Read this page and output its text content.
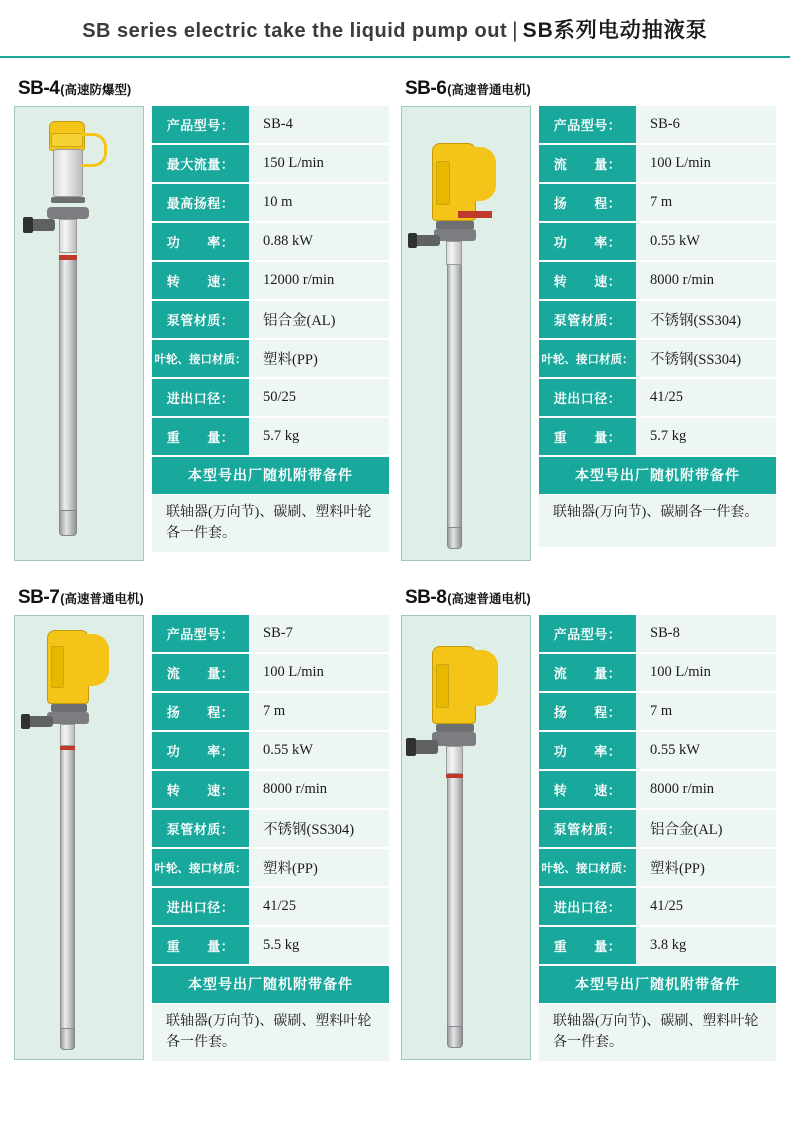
SB series electric take the liquid pump out | SB系列电动抽液泵
SB-4 (高速防爆型)
产品型号：	SB-4
最大流量：	150 L/min
最高扬程：	10 m
功　　率：	0.88 kW
转　　速：	12000 r/min
泵管材质：	铝合金(AL)
叶轮、接口材质：	塑料(PP)
进出口径：	50/25
重　　量：	5.7 kg
本型号出厂随机附带备件
联轴器(万向节)、碳刷、塑料叶轮各一件套。
SB-6 (高速普通电机)
产品型号：	SB-6
流　　量：	100 L/min
扬　　程：	7 m
功　　率：	0.55 kW
转　　速：	8000 r/min
泵管材质：	不锈钢(SS304)
叶轮、接口材质：	不锈钢(SS304)
进出口径：	41/25
重　　量：	5.7 kg
本型号出厂随机附带备件
联轴器(万向节)、碳刷各一件套。
SB-7 (高速普通电机)
产品型号：	SB-7
流　　量：	100 L/min
扬　　程：	7 m
功　　率：	0.55 kW
转　　速：	8000 r/min
泵管材质：	不锈钢(SS304)
叶轮、接口材质：	塑料(PP)
进出口径：	41/25
重　　量：	5.5 kg
本型号出厂随机附带备件
联轴器(万向节)、碳刷、塑料叶轮各一件套。
SB-8 (高速普通电机)
产品型号：	SB-8
流　　量：	100 L/min
扬　　程：	7 m
功　　率：	0.55 kW
转　　速：	8000 r/min
泵管材质：	铝合金(AL)
叶轮、接口材质：	塑料(PP)
进出口径：	41/25
重　　量：	3.8 kg
本型号出厂随机附带备件
联轴器(万向节)、碳刷、塑料叶轮各一件套。
